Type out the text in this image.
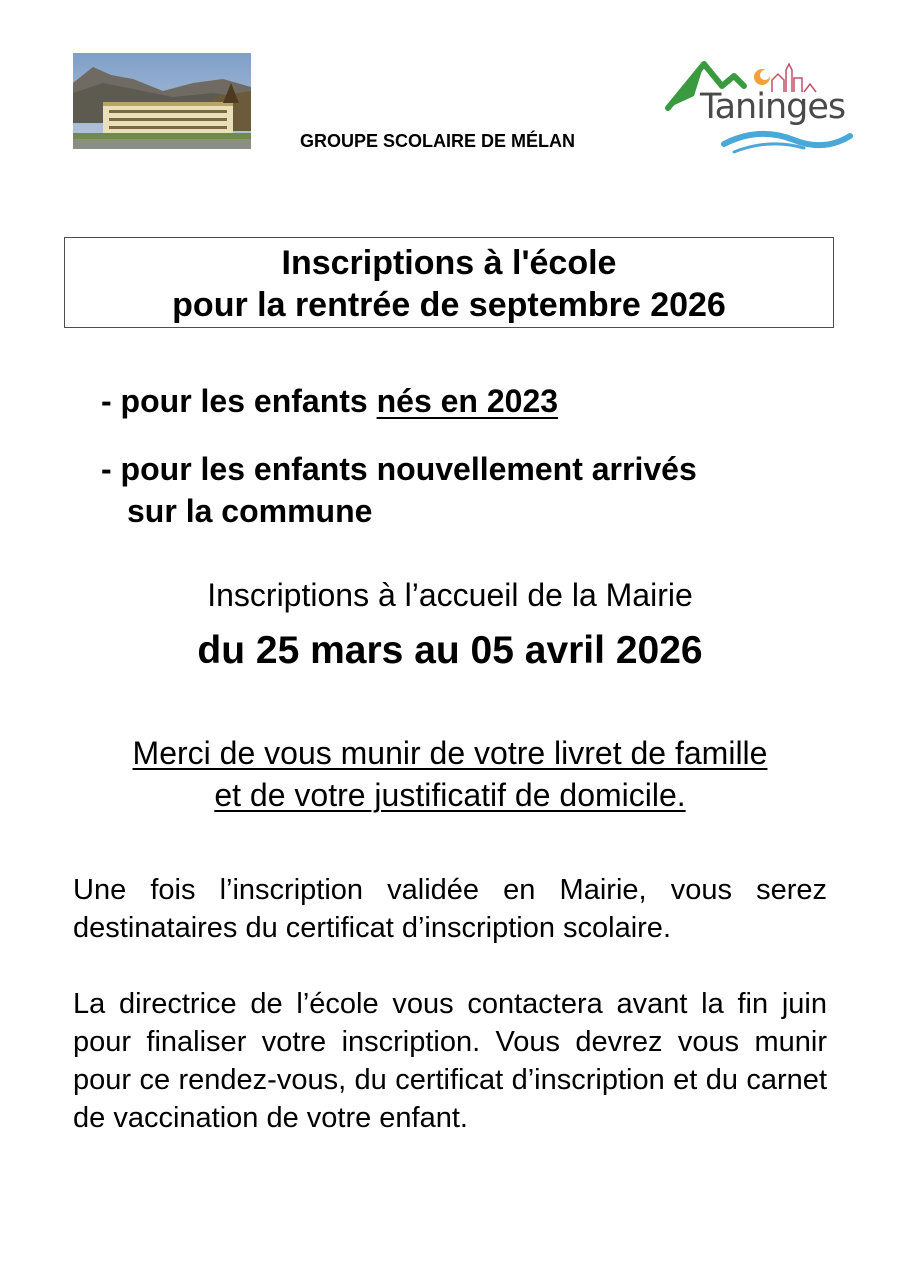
GROUPE SCOLAIRE DE MÉLAN
Taninges
Inscriptions à l'école
pour la rentrée de septembre 2026
- pour les enfants nés en 2023
- pour les enfants nouvellement arrivés
sur la commune
Inscriptions à l’accueil de la Mairie
du 25 mars au 05 avril 2026
Merci de vous munir de votre livret de famille
et de votre justificatif de domicile.
Une fois l’inscription validée en Mairie, vous serez destinataires du certificat d’inscription scolaire.
La directrice de l’école vous contactera avant la fin juin pour finaliser votre inscription. Vous devrez vous munir pour ce rendez-vous, du certificat d’inscription et du carnet de vaccination de votre enfant.
